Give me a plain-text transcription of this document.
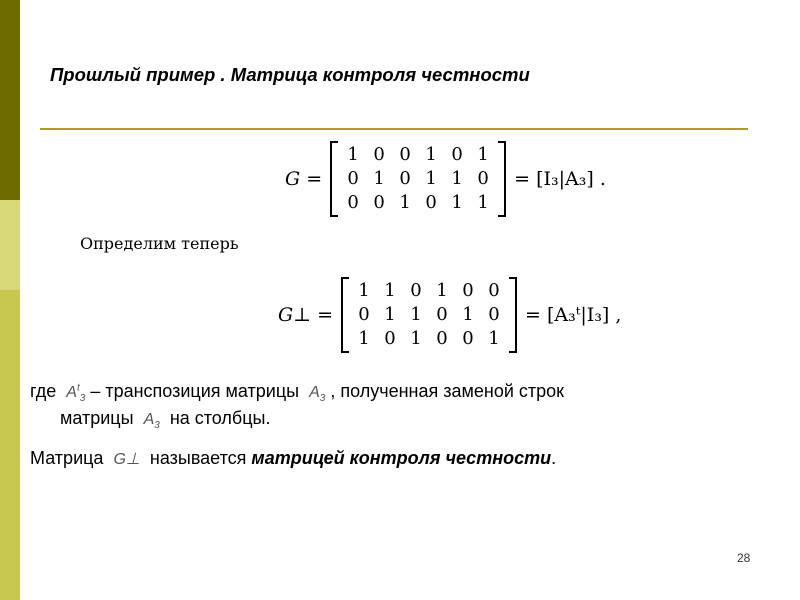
Прошлый пример . Матрица контроля честности
G =
1 0 0 1 0 1
0 1 0 1 1 0
0 0 1 0 1 1
= [I₃|A₃] .
Определим теперь
G⊥ =
1 1 0 1 0 0
0 1 1 0 1 0
1 0 1 0 0 1
= [A₃ᵗ|I₃] ,
где $A^t_3$ – транспозиция матрицы $A_3$ , полученная заменой строк
матрицы $A_3$ на столбцы.
Матрица G⊥ называется матрицей контроля честности.
28
